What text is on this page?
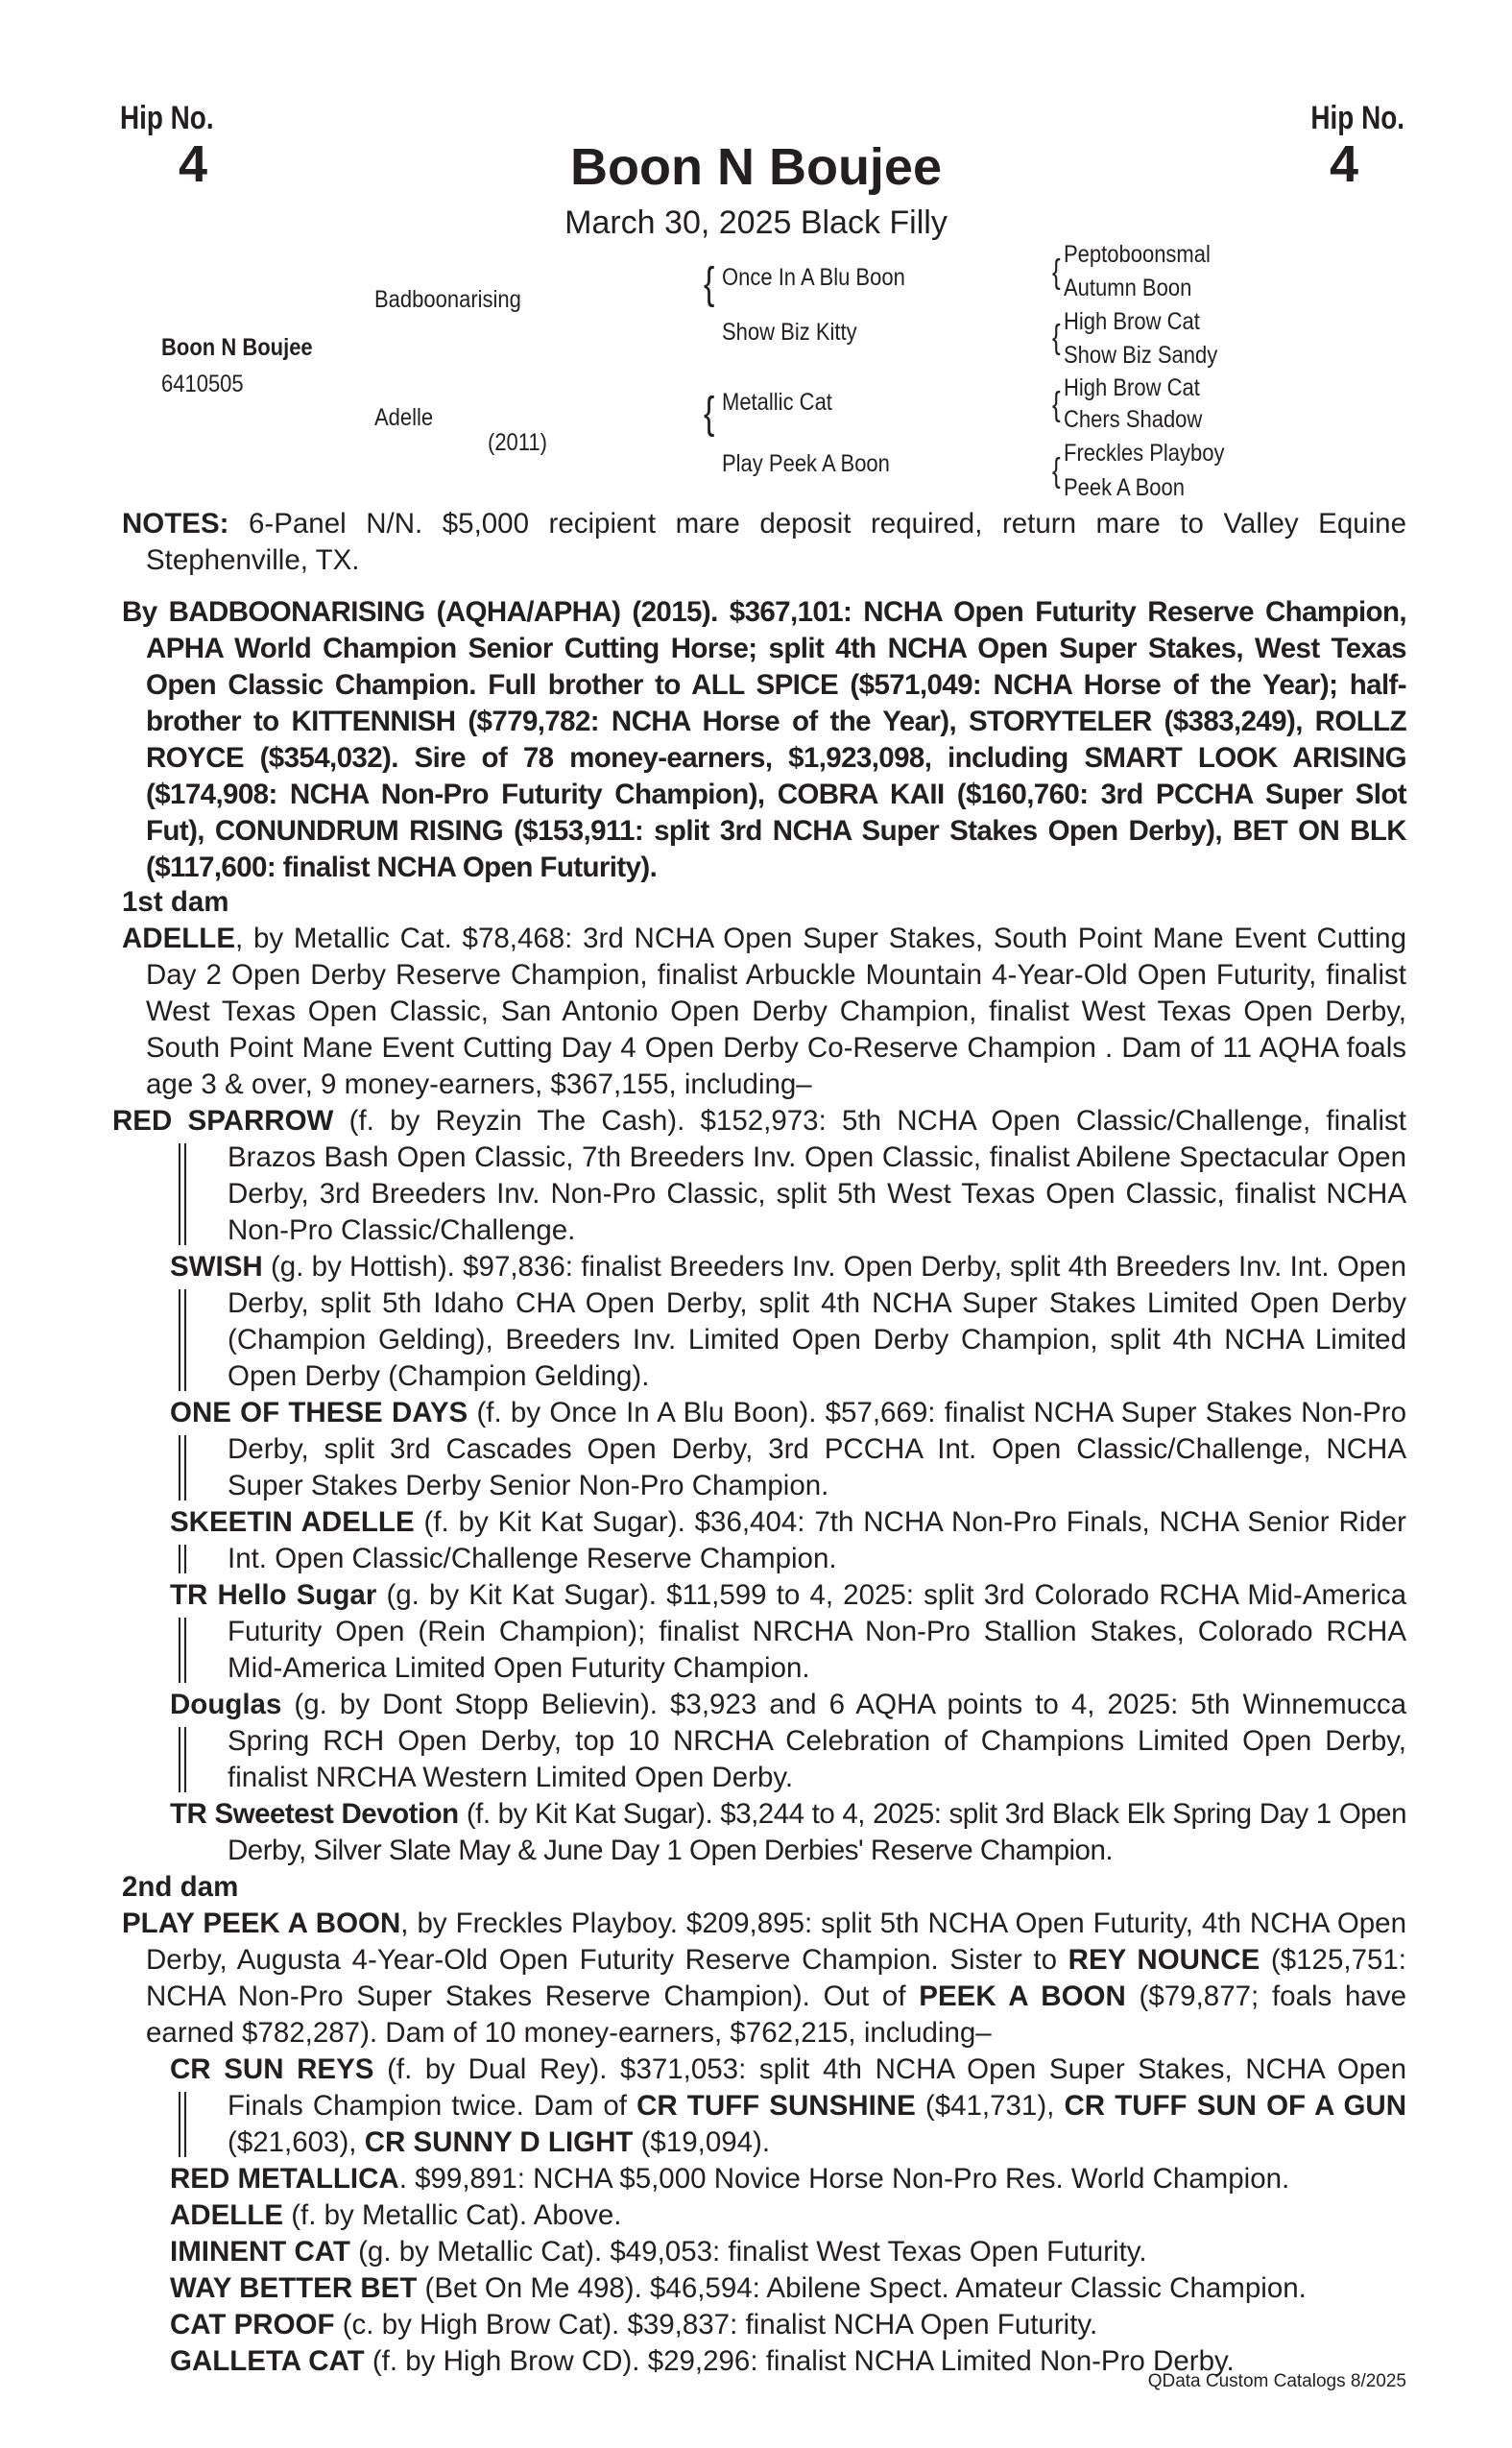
Hip No.
4
Hip No.
4
Boon N Boujee
March 30, 2025 Black Filly
Boon N Boujee
6410505
Badboonarising
Adelle
(2011)
{ Once In A Blu Boon
Show Biz Kitty
{ Metallic Cat
Play Peek A Boon
{ Peptoboonsmal
Autumn Boon
{ High Brow Cat
Show Biz Sandy
{ High Brow Cat
Chers Shadow
{ Freckles Playboy
Peek A Boon

NOTES: 6-Panel N/N. $5,000 recipient mare deposit required, return mare to Valley Equine Stephenville, TX.

By BADBOONARISING (AQHA/APHA) (2015). $367,101: NCHA Open Futurity Reserve Champion, APHA World Champion Senior Cutting Horse; split 4th NCHA Open Super Stakes, West Texas Open Classic Champion. Full brother to ALL SPICE ($571,049: NCHA Horse of the Year); half-brother to KITTENNISH ($779,782: NCHA Horse of the Year), STORYTELER ($383,249), ROLLZ ROYCE ($354,032). Sire of 78 money-earners, $1,923,098, including SMART LOOK ARISING ($174,908: NCHA Non-Pro Futurity Champion), COBRA KAII ($160,760: 3rd PCCHA Super Slot Fut), CONUNDRUM RISING ($153,911: split 3rd NCHA Super Stakes Open Derby), BET ON BLK ($117,600: finalist NCHA Open Futurity).

1st dam

ADELLE, by Metallic Cat. $78,468: 3rd NCHA Open Super Stakes, South Point Mane Event Cutting Day 2 Open Derby Reserve Champion, finalist Arbuckle Mountain 4-Year-Old Open Futurity, finalist West Texas Open Classic, San Antonio Open Derby Champion, finalist West Texas Open Derby, South Point Mane Event Cutting Day 4 Open Derby Co-Reserve Champion . Dam of 11 AQHA foals age 3 & over, 9 money-earners, $367,155, including–

RED SPARROW (f. by Reyzin The Cash). $152,973: 5th NCHA Open Classic/Challenge, finalist Brazos Bash Open Classic, 7th Breeders Inv. Open Classic, finalist Abilene Spectacular Open Derby, 3rd Breeders Inv. Non-Pro Classic, split 5th West Texas Open Classic, finalist NCHA Non-Pro Classic/Challenge.

SWISH (g. by Hottish). $97,836: finalist Breeders Inv. Open Derby, split 4th Breeders Inv. Int. Open Derby, split 5th Idaho CHA Open Derby, split 4th NCHA Super Stakes Limited Open Derby (Champion Gelding), Breeders Inv. Limited Open Derby Champion, split 4th NCHA Limited Open Derby (Champion Gelding).

ONE OF THESE DAYS (f. by Once In A Blu Boon). $57,669: finalist NCHA Super Stakes Non-Pro Derby, split 3rd Cascades Open Derby, 3rd PCCHA Int. Open Classic/Challenge, NCHA Super Stakes Derby Senior Non-Pro Champion.

SKEETIN ADELLE (f. by Kit Kat Sugar). $36,404: 7th NCHA Non-Pro Finals, NCHA Senior Rider Int. Open Classic/Challenge Reserve Champion.

TR Hello Sugar (g. by Kit Kat Sugar). $11,599 to 4, 2025: split 3rd Colorado RCHA Mid-America Futurity Open (Rein Champion); finalist NRCHA Non-Pro Stallion Stakes, Colorado RCHA Mid-America Limited Open Futurity Champion.

Douglas (g. by Dont Stopp Believin). $3,923 and 6 AQHA points to 4, 2025: 5th Winnemucca Spring RCH Open Derby, top 10 NRCHA Celebration of Champions Limited Open Derby, finalist NRCHA Western Limited Open Derby.

TR Sweetest Devotion (f. by Kit Kat Sugar). $3,244 to 4, 2025: split 3rd Black Elk Spring Day 1 Open Derby, Silver Slate May & June Day 1 Open Derbies' Reserve Champion.

2nd dam

PLAY PEEK A BOON, by Freckles Playboy. $209,895: split 5th NCHA Open Futurity, 4th NCHA Open Derby, Augusta 4-Year-Old Open Futurity Reserve Champion. Sister to REY NOUNCE ($125,751: NCHA Non-Pro Super Stakes Reserve Champion). Out of PEEK A BOON ($79,877; foals have earned $782,287). Dam of 10 money-earners, $762,215, including–

CR SUN REYS (f. by Dual Rey). $371,053: split 4th NCHA Open Super Stakes, NCHA Open Finals Champion twice. Dam of CR TUFF SUNSHINE ($41,731), CR TUFF SUN OF A GUN ($21,603), CR SUNNY D LIGHT ($19,094).

RED METALLICA. $99,891: NCHA $5,000 Novice Horse Non-Pro Res. World Champion.

ADELLE (f. by Metallic Cat). Above.

IMINENT CAT (g. by Metallic Cat). $49,053: finalist West Texas Open Futurity.

WAY BETTER BET (Bet On Me 498). $46,594: Abilene Spect. Amateur Classic Champion.

CAT PROOF (c. by High Brow Cat). $39,837: finalist NCHA Open Futurity.

GALLETA CAT (f. by High Brow CD). $29,296: finalist NCHA Limited Non-Pro Derby.

QData Custom Catalogs 8/2025
